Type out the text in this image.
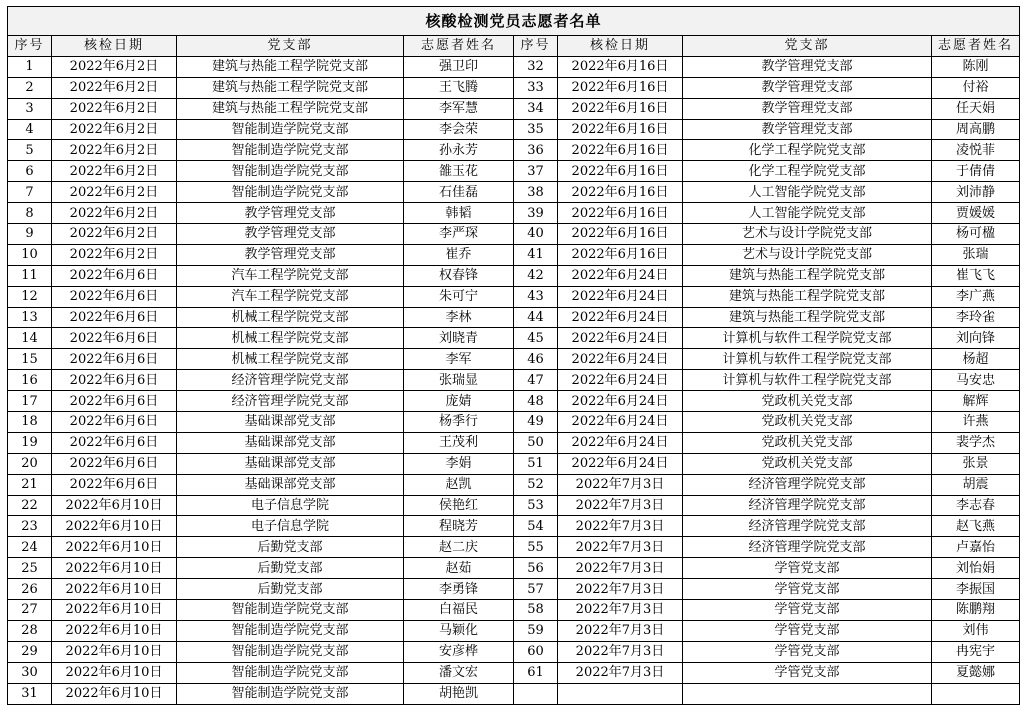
核酸检测党员志愿者名单							
序号	核检日期	党支部	志愿者姓名	序号	核检日期	党支部	志愿者姓名
1	2022年6月2日	建筑与热能工程学院党支部	强卫印	32	2022年6月16日	教学管理党支部	陈刚
2	2022年6月2日	建筑与热能工程学院党支部	王飞腾	33	2022年6月16日	教学管理党支部	付裕
3	2022年6月2日	建筑与热能工程学院党支部	李军慧	34	2022年6月16日	教学管理党支部	任天娟
4	2022年6月2日	智能制造学院党支部	李会荣	35	2022年6月16日	教学管理党支部	周高鹏
5	2022年6月2日	智能制造学院党支部	孙永芳	36	2022年6月16日	化学工程学院党支部	凌悦菲
6	2022年6月2日	智能制造学院党支部	雒玉花	37	2022年6月16日	化学工程学院党支部	于倩倩
7	2022年6月2日	智能制造学院党支部	石佳磊	38	2022年6月16日	人工智能学院党支部	刘沛静
8	2022年6月2日	教学管理党支部	韩韬	39	2022年6月16日	人工智能学院党支部	贾媛媛
9	2022年6月2日	教学管理党支部	李严琛	40	2022年6月16日	艺术与设计学院党支部	杨可楹
10	2022年6月2日	教学管理党支部	崔乔	41	2022年6月16日	艺术与设计学院党支部	张瑞
11	2022年6月6日	汽车工程学院党支部	权春锋	42	2022年6月24日	建筑与热能工程学院党支部	崔飞飞
12	2022年6月6日	汽车工程学院党支部	朱可宁	43	2022年6月24日	建筑与热能工程学院党支部	李广燕
13	2022年6月6日	机械工程学院党支部	李林	44	2022年6月24日	建筑与热能工程学院党支部	李玲雀
14	2022年6月6日	机械工程学院党支部	刘晓青	45	2022年6月24日	计算机与软件工程学院党支部	刘向锋
15	2022年6月6日	机械工程学院党支部	李军	46	2022年6月24日	计算机与软件工程学院党支部	杨超
16	2022年6月6日	经济管理学院党支部	张瑞显	47	2022年6月24日	计算机与软件工程学院党支部	马安忠
17	2022年6月6日	经济管理学院党支部	庞婧	48	2022年6月24日	党政机关党支部	解辉
18	2022年6月6日	基础课部党支部	杨季行	49	2022年6月24日	党政机关党支部	许燕
19	2022年6月6日	基础课部党支部	王茂利	50	2022年6月24日	党政机关党支部	裴学杰
20	2022年6月6日	基础课部党支部	李娟	51	2022年6月24日	党政机关党支部	张景
21	2022年6月6日	基础课部党支部	赵凯	52	2022年7月3日	经济管理学院党支部	胡震
22	2022年6月10日	电子信息学院	侯艳红	53	2022年7月3日	经济管理学院党支部	李志春
23	2022年6月10日	电子信息学院	程晓芳	54	2022年7月3日	经济管理学院党支部	赵飞燕
24	2022年6月10日	后勤党支部	赵二庆	55	2022年7月3日	经济管理学院党支部	卢嘉怡
25	2022年6月10日	后勤党支部	赵茹	56	2022年7月3日	学管党支部	刘怡娟
26	2022年6月10日	后勤党支部	李勇锋	57	2022年7月3日	学管党支部	李振国
27	2022年6月10日	智能制造学院党支部	白福民	58	2022年7月3日	学管党支部	陈鹏翔
28	2022年6月10日	智能制造学院党支部	马颖化	59	2022年7月3日	学管党支部	刘伟
29	2022年6月10日	智能制造学院党支部	安彦桦	60	2022年7月3日	学管党支部	冉宪宇
30	2022年6月10日	智能制造学院党支部	潘文宏	61	2022年7月3日	学管党支部	夏懿娜
31	2022年6月10日	智能制造学院党支部	胡艳凯				
